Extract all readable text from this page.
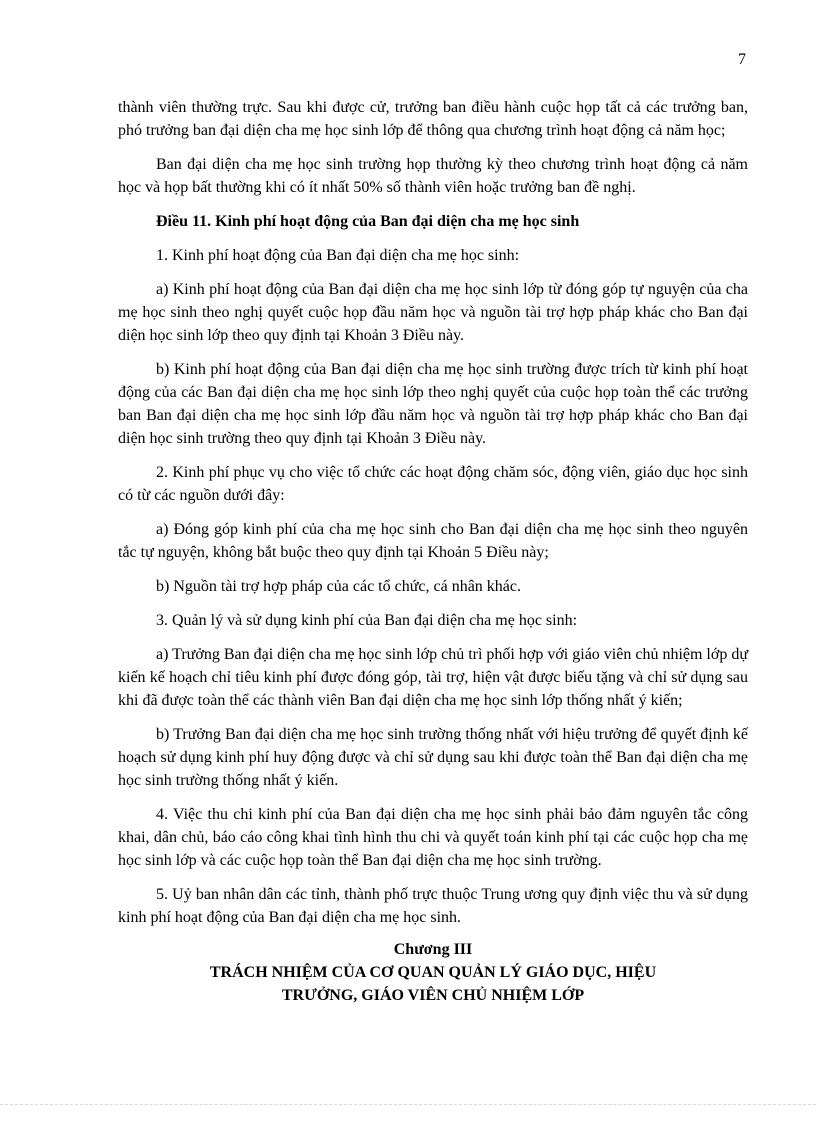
7

thành viên thường trực. Sau khi được cử, trưởng ban điều hành cuộc họp tất cả các trưởng ban, phó trưởng ban đại diện cha mẹ học sinh lớp để thông qua chương trình hoạt động cả năm học;

Ban đại diện cha mẹ học sinh trường họp thường kỳ theo chương trình hoạt động cả năm học và họp bất thường khi có ít nhất 50% số thành viên hoặc trưởng ban đề nghị.

Điều 11. Kinh phí hoạt động của Ban đại diện cha mẹ học sinh

1. Kinh phí hoạt động của Ban đại diện cha mẹ học sinh:

a) Kinh phí hoạt động của Ban đại diện cha mẹ học sinh lớp từ đóng góp tự nguyện của cha mẹ học sinh theo nghị quyết cuộc họp đầu năm học và nguồn tài trợ hợp pháp khác cho Ban đại diện học sinh lớp theo quy định tại Khoản 3 Điều này.

b) Kinh phí hoạt động của Ban đại diện cha mẹ học sinh trường được trích từ kinh phí hoạt động của các Ban đại diện cha mẹ học sinh lớp theo nghị quyết của cuộc họp toàn thể các trưởng ban Ban đại diện cha mẹ học sinh lớp đầu năm học và nguồn tài trợ hợp pháp khác cho Ban đại diện học sinh trường theo quy định tại Khoản 3 Điều này.

2. Kinh phí phục vụ cho việc tổ chức các hoạt động chăm sóc, động viên, giáo dục học sinh có từ các nguồn dưới đây:

a) Đóng góp kinh phí của cha mẹ học sinh cho Ban đại diện cha mẹ học sinh theo nguyên tắc tự nguyện, không bắt buộc theo quy định tại Khoản 5 Điều này;

b) Nguồn tài trợ hợp pháp của các tổ chức, cá nhân khác.

3. Quản lý và sử dụng kinh phí của Ban đại diện cha mẹ học sinh:

a) Trưởng Ban đại diện cha mẹ học sinh lớp chủ trì phối hợp với giáo viên chủ nhiệm lớp dự kiến kế hoạch chỉ tiêu kinh phí được đóng góp, tài trợ, hiện vật được biếu tặng và chỉ sử dụng sau khi đã được toàn thể các thành viên Ban đại diện cha mẹ học sinh lớp thống nhất ý kiến;

b) Trưởng Ban đại diện cha mẹ học sinh trường thống nhất với hiệu trưởng để quyết định kế hoạch sử dụng kinh phí huy động được và chỉ sử dụng sau khi được toàn thể Ban đại diện cha mẹ học sinh trường thống nhất ý kiến.

4. Việc thu chi kinh phí của Ban đại diện cha mẹ học sinh phải bảo đảm nguyên tắc công khai, dân chủ, báo cáo công khai tình hình thu chi và quyết toán kinh phí tại các cuộc họp cha mẹ học sinh lớp và các cuộc họp toàn thể Ban đại diện cha mẹ học sinh trường.

5. Uỷ ban nhân dân các tỉnh, thành phố trực thuộc Trung ương quy định việc thu và sử dụng kinh phí hoạt động của Ban đại diện cha mẹ học sinh.

Chương III
TRÁCH NHIỆM CỦA CƠ QUAN QUẢN LÝ GIÁO DỤC, HIỆU
TRƯỞNG, GIÁO VIÊN CHỦ NHIỆM LỚP
